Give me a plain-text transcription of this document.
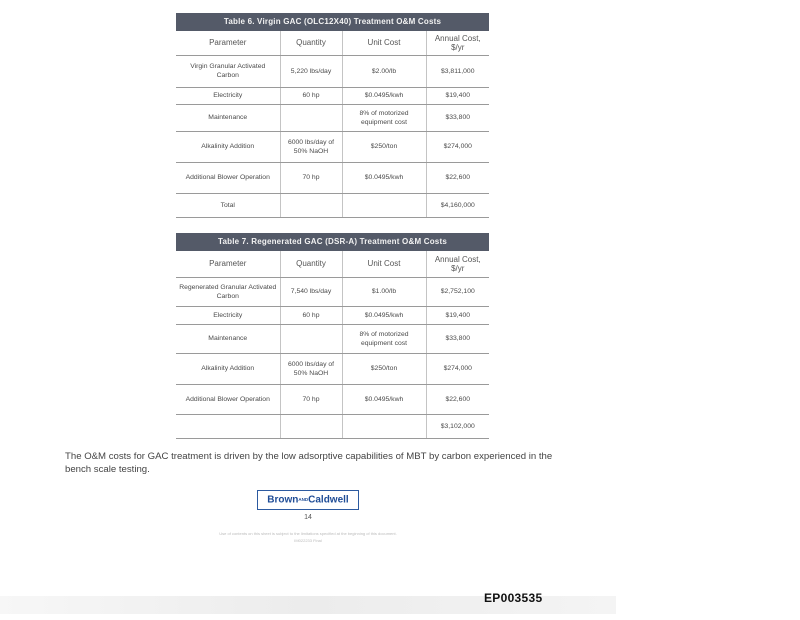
Table 6. Virgin GAC (OLC12X40) Treatment O&M Costs
Parameter	Quantity	Unit Cost	Annual Cost, $/yr
Virgin Granular Activated Carbon	5,220 lbs/day	$2.00/lb	$3,811,000
Electricity	60 hp	$0.0495/kwh	$19,400
Maintenance		8% of motorized equipment cost	$33,800
Alkalinity Addition	6000 lbs/day of 50% NaOH	$250/ton	$274,000
Additional Blower Operation	70 hp	$0.0495/kwh	$22,600
Total			$4,160,000
Table 7. Regenerated GAC (DSR-A) Treatment O&M Costs
Parameter	Quantity	Unit Cost	Annual Cost, $/yr
Regenerated Granular Activated Carbon	7,540 lbs/day	$1.00/lb	$2,752,100
Electricity	60 hp	$0.0495/kwh	$19,400
Maintenance		8% of motorized equipment cost	$33,800
Alkalinity Addition	6000 lbs/day of 50% NaOH	$250/ton	$274,000
Additional Blower Operation	70 hp	$0.0495/kwh	$22,600
			$3,102,000

The O&M costs for GAC treatment is driven by the low adsorptive capabilities of MBT by carbon experienced in the bench scale testing.

BrownANDCaldwell
14
Use of contents on this sheet is subject to the limitations specified at the beginning of this document.
IM022233 Final
EP003535
